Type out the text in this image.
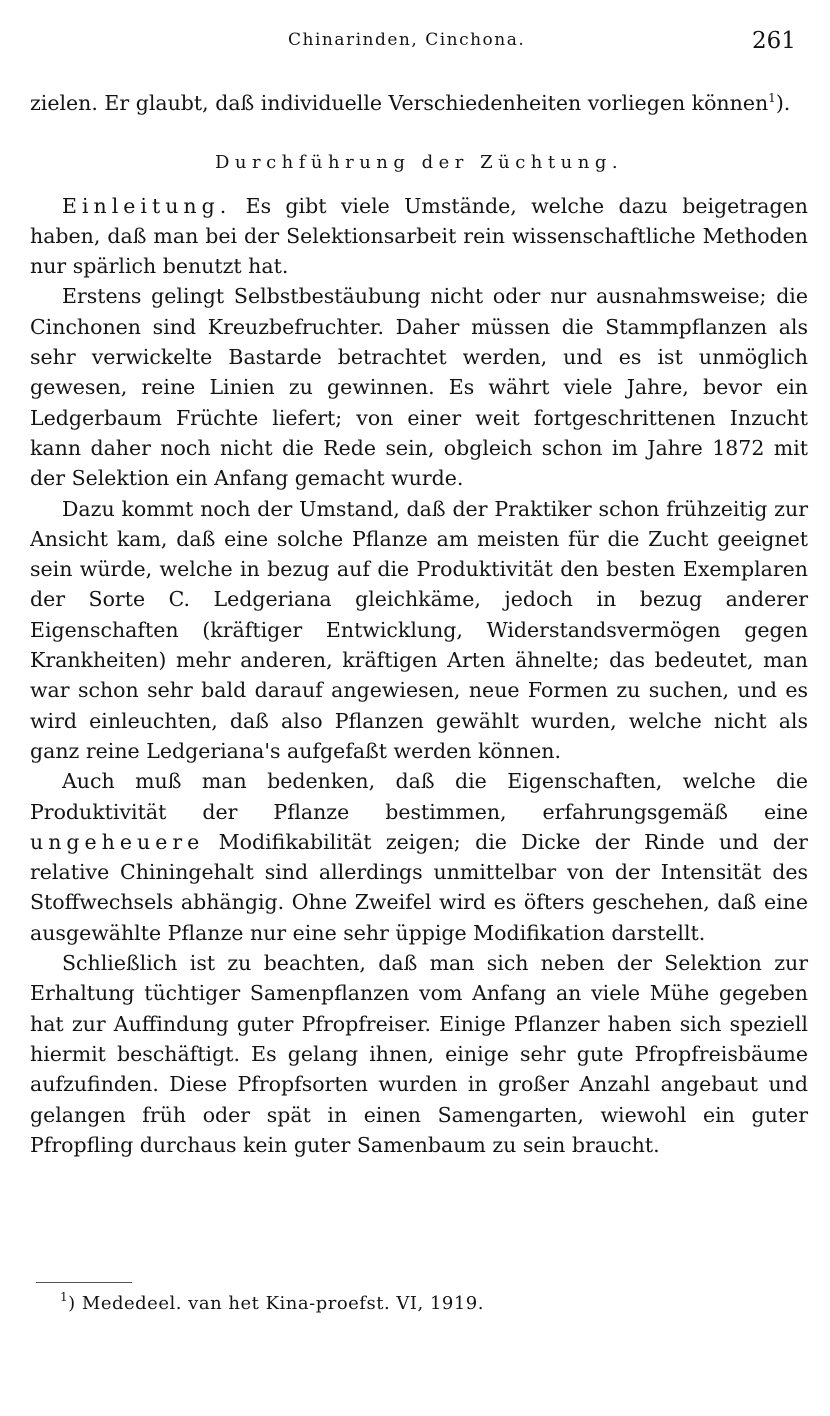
Chinarinden, Cinchona.	261

zielen. Er glaubt, daß individuelle Verschiedenheiten vorliegen können$^1$).

Durchführung der Züchtung.

Einleitung. Es gibt viele Umstände, welche dazu beigetragen haben, daß man bei der Selektionsarbeit rein wissenschaftliche Methoden nur spärlich benutzt hat.

Erstens gelingt Selbstbestäubung nicht oder nur ausnahmsweise; die Cinchonen sind Kreuzbefruchter. Daher müssen die Stammpflanzen als sehr verwickelte Bastarde betrachtet werden, und es ist unmöglich gewesen, reine Linien zu gewinnen. Es währt viele Jahre, bevor ein Ledgerbaum Früchte liefert; von einer weit fortgeschrittenen Inzucht kann daher noch nicht die Rede sein, obgleich schon im Jahre 1872 mit der Selektion ein Anfang gemacht wurde.

Dazu kommt noch der Umstand, daß der Praktiker schon frühzeitig zur Ansicht kam, daß eine solche Pflanze am meisten für die Zucht geeignet sein würde, welche in bezug auf die Produktivität den besten Exemplaren der Sorte C. Ledgeriana gleichkäme, jedoch in bezug anderer Eigenschaften (kräftiger Entwicklung, Widerstandsvermögen gegen Krankheiten) mehr anderen, kräftigen Arten ähnelte; das bedeutet, man war schon sehr bald darauf angewiesen, neue Formen zu suchen, und es wird einleuchten, daß also Pflanzen gewählt wurden, welche nicht als ganz reine Ledgeriana's aufgefaßt werden können.

Auch muß man bedenken, daß die Eigenschaften, welche die Produktivität der Pflanze bestimmen, erfahrungsgemäß eine ungeheuere Modifikabilität zeigen; die Dicke der Rinde und der relative Chiningehalt sind allerdings unmittelbar von der Intensität des Stoffwechsels abhängig. Ohne Zweifel wird es öfters geschehen, daß eine ausgewählte Pflanze nur eine sehr üppige Modifikation darstellt.

Schließlich ist zu beachten, daß man sich neben der Selektion zur Erhaltung tüchtiger Samenpflanzen vom Anfang an viele Mühe gegeben hat zur Auffindung guter Pfropfreiser. Einige Pflanzer haben sich speziell hiermit beschäftigt. Es gelang ihnen, einige sehr gute Pfropfreisbäume aufzufinden. Diese Pfropfsorten wurden in großer Anzahl angebaut und gelangen früh oder spät in einen Samengarten, wiewohl ein guter Pfropfling durchaus kein guter Samenbaum zu sein braucht.

$^1$) Mededeel. van het Kina-proefst. VI, 1919.
